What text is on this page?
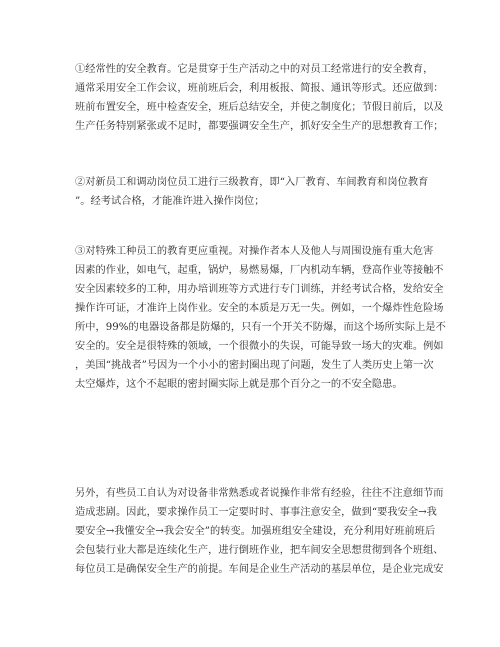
①经常性的安全教育。它是贯穿于生产活动之中的对员工经常进行的安全教育，
通常采用安全工作会议，班前班后会，利用板报、简报、通讯等形式。还应做到：
班前布置安全，班中检查安全，班后总结安全，并使之制度化；节假日前后，以及
生产任务特别紧张或不足时，都要强调安全生产，抓好安全生产的思想教育工作；

②对新员工和调动岗位员工进行三级教育，即“入厂教育、车间教育和岗位教育
”。经考试合格，才能准许进入操作岗位；

③对特殊工种员工的教育更应重视。对操作者本人及他人与周围设施有重大危害
因素的作业，如电气，起重，锅炉，易燃易爆，厂内机动车辆，登高作业等接触不
安全因素较多的工种，用办培训班等方式进行专门训练，并经考试合格，发给安全
操作许可证，才准许上岗作业。安全的本质是万无一失。例如，一个爆炸性危险场
所中，99%的电器设备都是防爆的，只有一个开关不防爆，而这个场所实际上是不
安全的。安全是很特殊的领域，一个很微小的失误，可能导致一场大的灾难。例如
，美国“挑战者”号因为一个小小的密封圈出现了问题，发生了人类历史上第一次
太空爆炸，这个不起眼的密封圈实际上就是那个百分之一的不安全隐患。

另外，有些员工自认为对设备非常熟悉或者说操作非常有经验，往往不注意细节而
造成悲剧。因此，要求操作员工一定要时时、事事注意安全，做到“要我安全→我
要安全→我懂安全→我会安全”的转变。加强班组安全建设，充分利用好班前班后
会包装行业大都是连续化生产，进行倒班作业，把车间安全思想贯彻到各个班组、
每位员工是确保安全生产的前提。车间是企业生产活动的基层单位，是企业完成安
